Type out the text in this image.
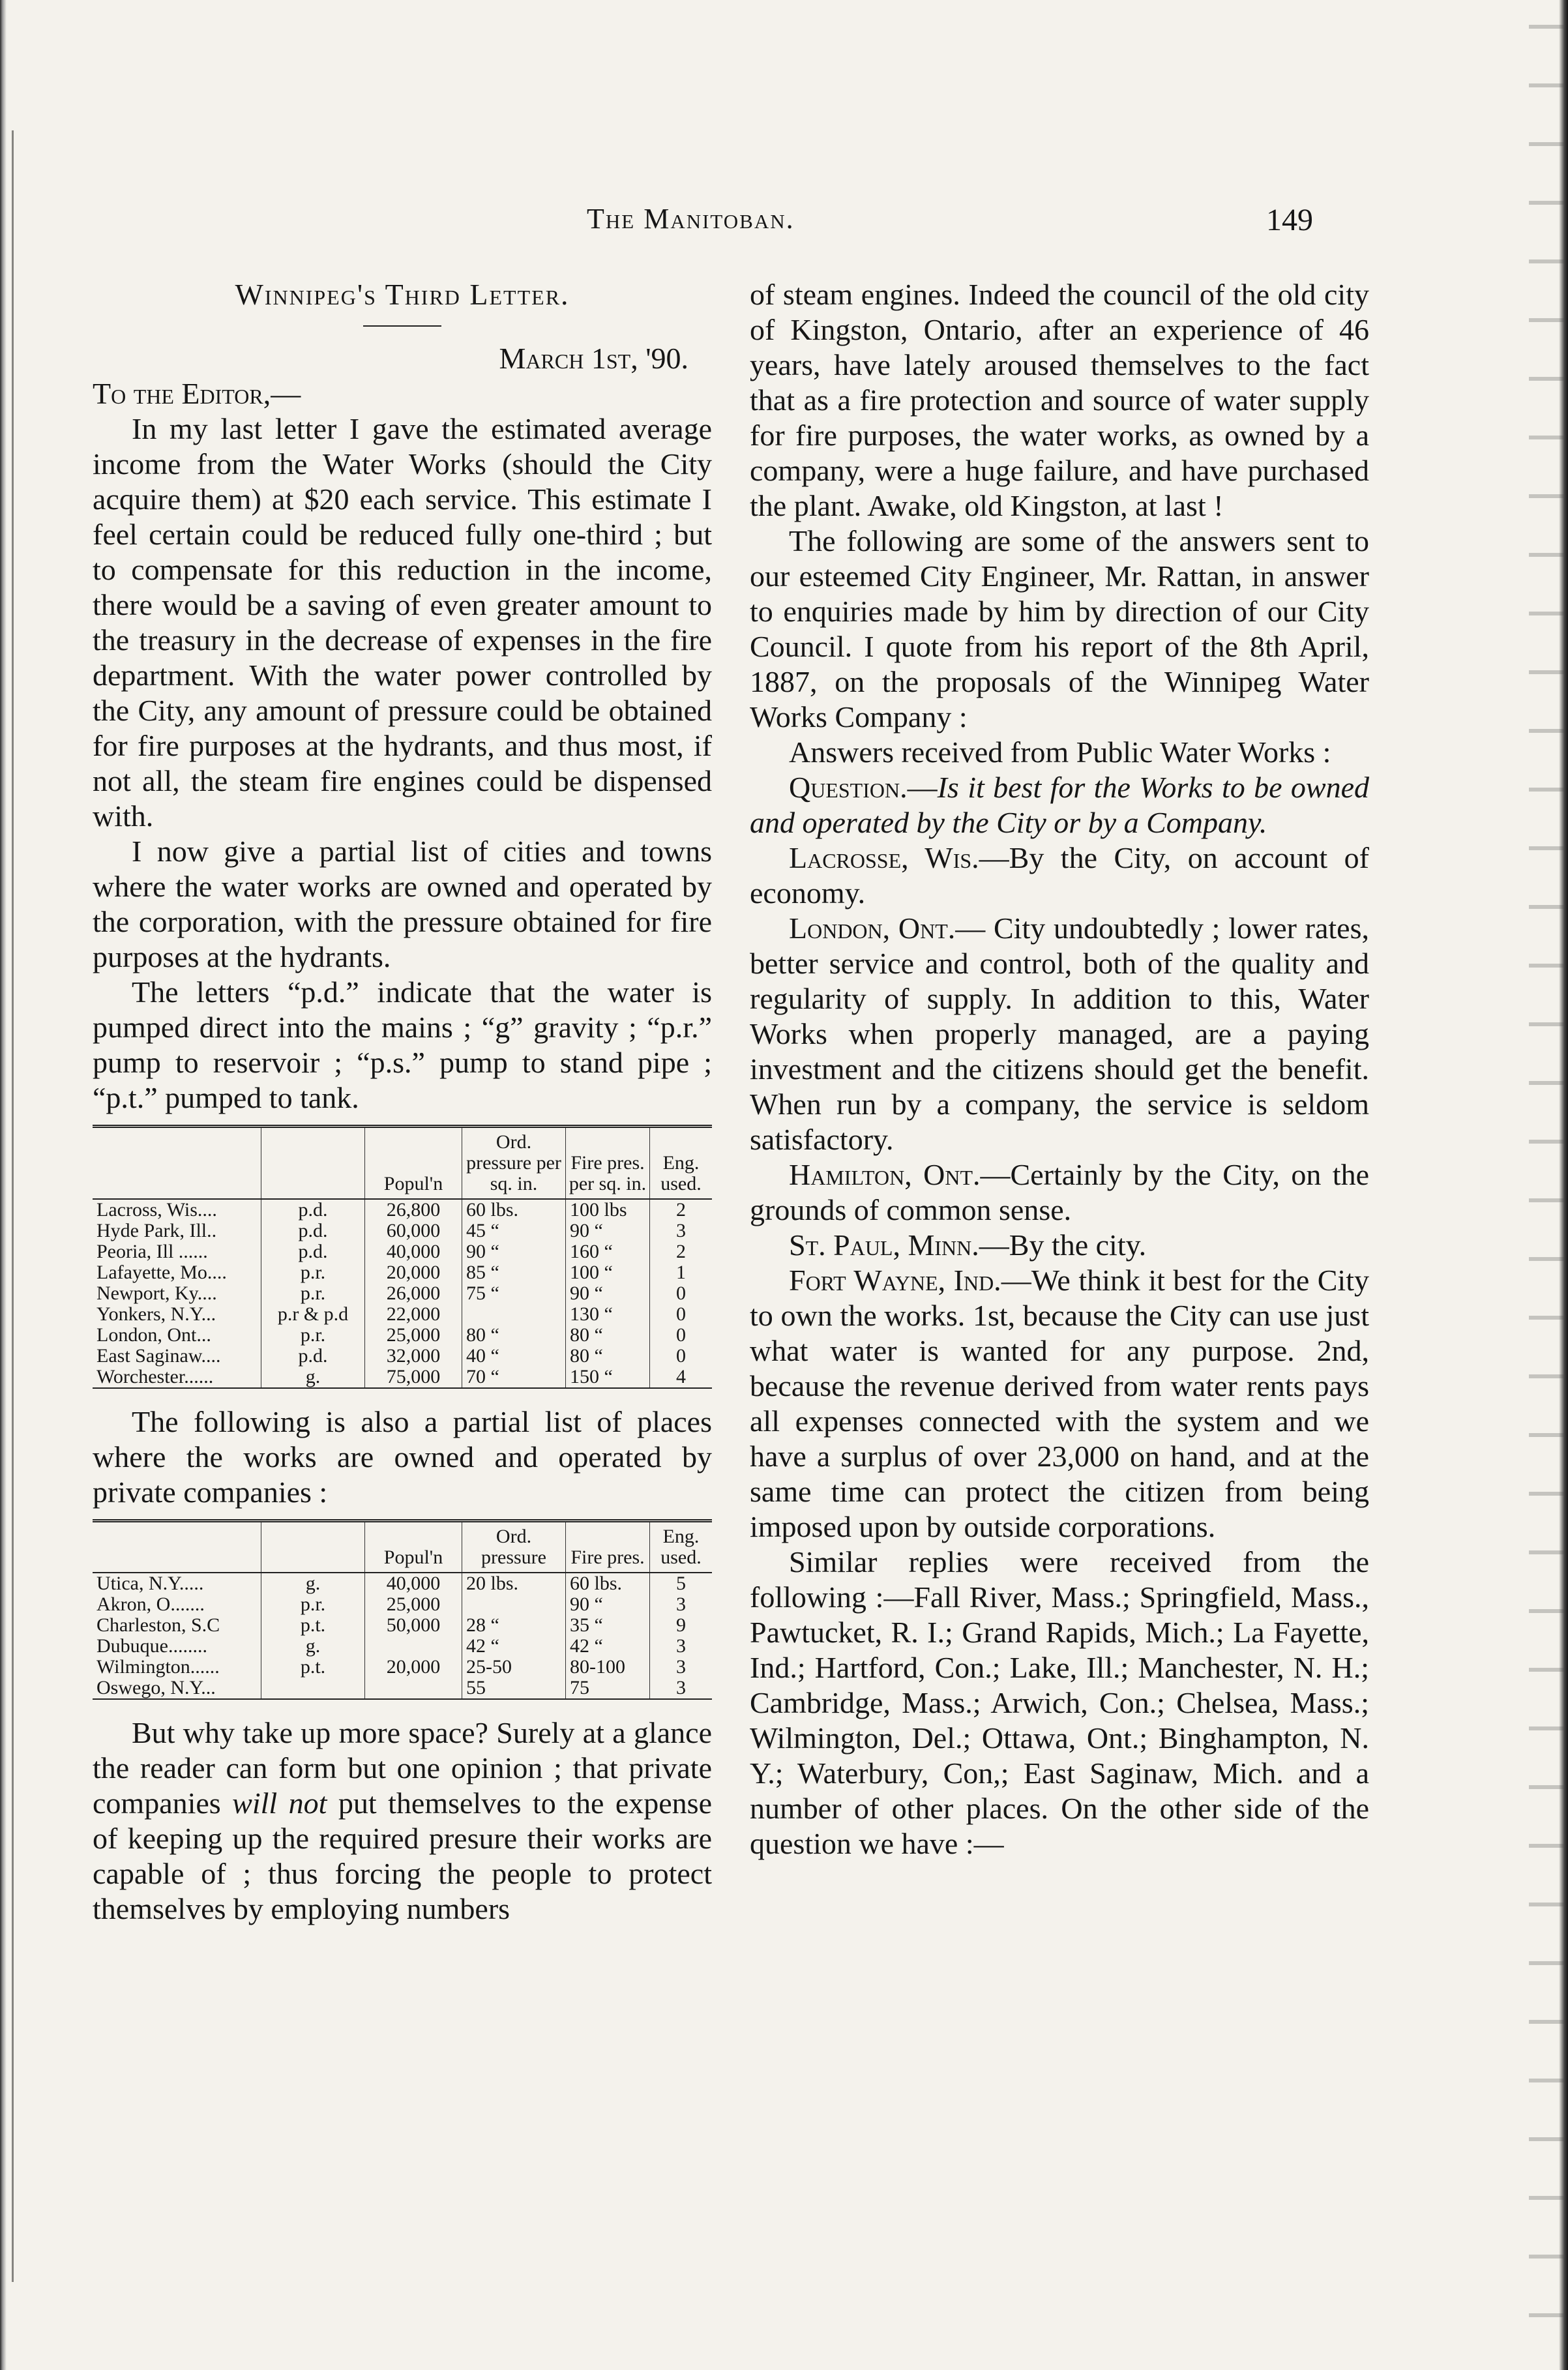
The Manitoban.	149
Winnipeg's Third Letter.
March 1st, '90.
To the Editor,—

In my last letter I gave the estimated average income from the Water Works (should the City acquire them) at $20 each service. This estimate I feel certain could be reduced fully one-third ; but to compensate for this reduction in the income, there would be a saving of even greater amount to the treasury in the decrease of expenses in the fire department. With the water power controlled by the City, any amount of pressure could be obtained for fire purposes at the hydrants, and thus most, if not all, the steam fire engines could be dispensed with.

I now give a partial list of cities and towns where the water works are owned and operated by the corporation, with the pressure obtained for fire purposes at the hydrants.

The letters “p.d.” indicate that the water is pumped direct into the mains ; “g” gravity ; “p.r.” pump to reservoir ; “p.s.” pump to stand pipe ; “p.t.” pumped to tank.

		Popul'n	Ord. pressure per sq. in.	Fire pres. per sq. in.	Eng. used.
Lacross, Wis....	p.d.	26,800	60 lbs.	100 lbs	2
Hyde Park, Ill..	p.d.	60,000	45 “	90 “	3
Peoria, Ill ......	p.d.	40,000	90 “	160 “	2
Lafayette, Mo....	p.r.	20,000	85 “	100 “	1
Newport, Ky....	p.r.	26,000	75 “	90 “	0
Yonkers, N.Y...	p.r & p.d	22,000		130 “	0
London, Ont...	p.r.	25,000	80 “	80 “	0
East Saginaw....	p.d.	32,000	40 “	80 “	0
Worchester......	g.	75,000	70 “	150 “	4

The following is also a partial list of places where the works are owned and operated by private companies :

		Popul'n	Ord. pressure	Fire pres.	Eng. used.
Utica, N.Y.....	g.	40,000	20 lbs.	60 lbs.	5
Akron, O.......	p.r.	25,000		90 “	3
Charleston, S.C	p.t.	50,000	28 “	35 “	9
Dubuque........	g.		42 “	42 “	3
Wilmington......	p.t.	20,000	25-50	80-100	3
Oswego, N.Y...			55	75	3

But why take up more space? Surely at a glance the reader can form but one opinion ; that private companies will not put themselves to the expense of keeping up the required presure their works are capable of ; thus forcing the people to protect themselves by employing numbers

of steam engines. Indeed the council of the old city of Kingston, Ontario, after an experience of 46 years, have lately aroused themselves to the fact that as a fire protection and source of water supply for fire purposes, the water works, as owned by a company, were a huge failure, and have purchased the plant. Awake, old Kingston, at last !

The following are some of the answers sent to our esteemed City Engineer, Mr. Rattan, in answer to enquiries made by him by direction of our City Council. I quote from his report of the 8th April, 1887, on the proposals of the Winnipeg Water Works Company :

Answers received from Public Water Works :

Question.—Is it best for the Works to be owned and operated by the City or by a Company.

Lacrosse, Wis.—By the City, on account of economy.

London, Ont.— City undoubtedly ; lower rates, better service and control, both of the quality and regularity of supply. In addition to this, Water Works when properly managed, are a paying investment and the citizens should get the benefit. When run by a company, the service is seldom satisfactory.

Hamilton, Ont.—Certainly by the City, on the grounds of common sense.

St. Paul, Minn.—By the city.

Fort Wayne, Ind.—We think it best for the City to own the works. 1st, because the City can use just what water is wanted for any purpose. 2nd, because the revenue derived from water rents pays all expenses connected with the system and we have a surplus of over 23,000 on hand, and at the same time can protect the citizen from being imposed upon by outside corporations.

Similar replies were received from the following :—Fall River, Mass.; Springfield, Mass., Pawtucket, R. I.; Grand Rapids, Mich.; La Fayette, Ind.; Hartford, Con.; Lake, Ill.; Manchester, N. H.; Cambridge, Mass.; Arwich, Con.; Chelsea, Mass.; Wilmington, Del.; Ottawa, Ont.; Binghampton, N. Y.; Waterbury, Con,; East Saginaw, Mich. and a number of other places. On the other side of the question we have :—
